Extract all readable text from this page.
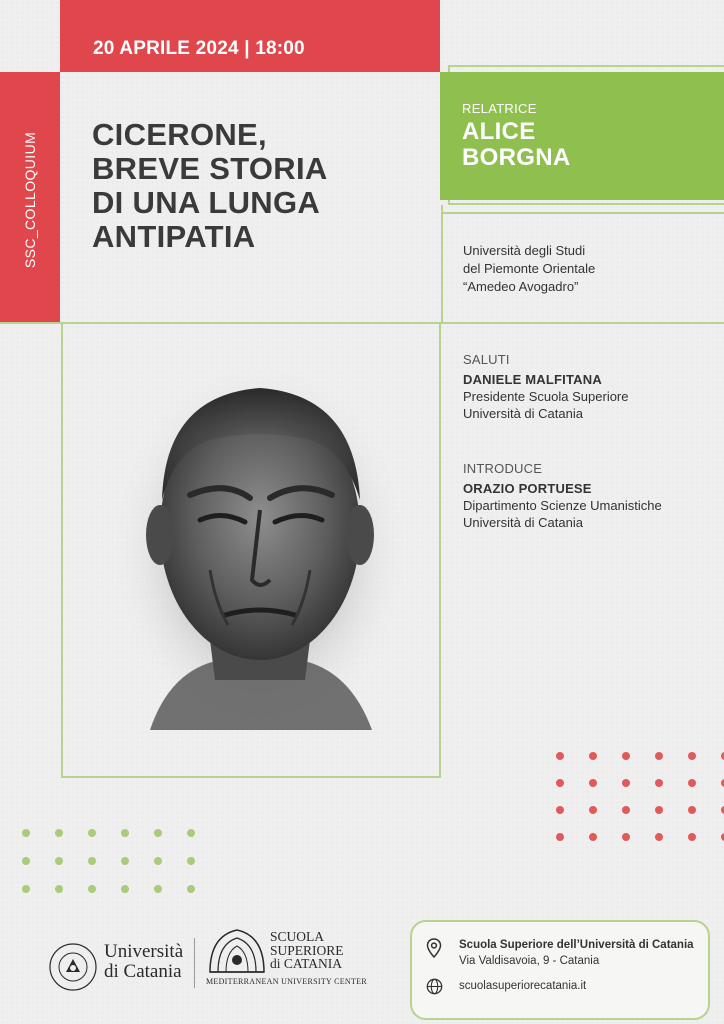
20 APRILE 2024 | 18:00
SSC_COLLOQUIUM CICERONE,
BREVE STORIA
DI UNA LUNGA
ANTIPATIA
RELATRICE
ALICE
BORGNA
Università degli Studi
del Piemonte Orientale
“Amedeo Avogadro”
SALUTI
DANIELE MALFITANA
Presidente Scuola Superiore
Università di Catania
INTRODUCE
ORAZIO PORTUESE
Dipartimento Scienze Umanistiche
Università di Catania
Università
di Catania
SCUOLA
SUPERIORE
di CATANIA
MEDITERRANEAN UNIVERSITY CENTER
Scuola Superiore dell’Università di Catania
Via Valdisavoia, 9 - Catania
scuolasuperiorecatania.it
